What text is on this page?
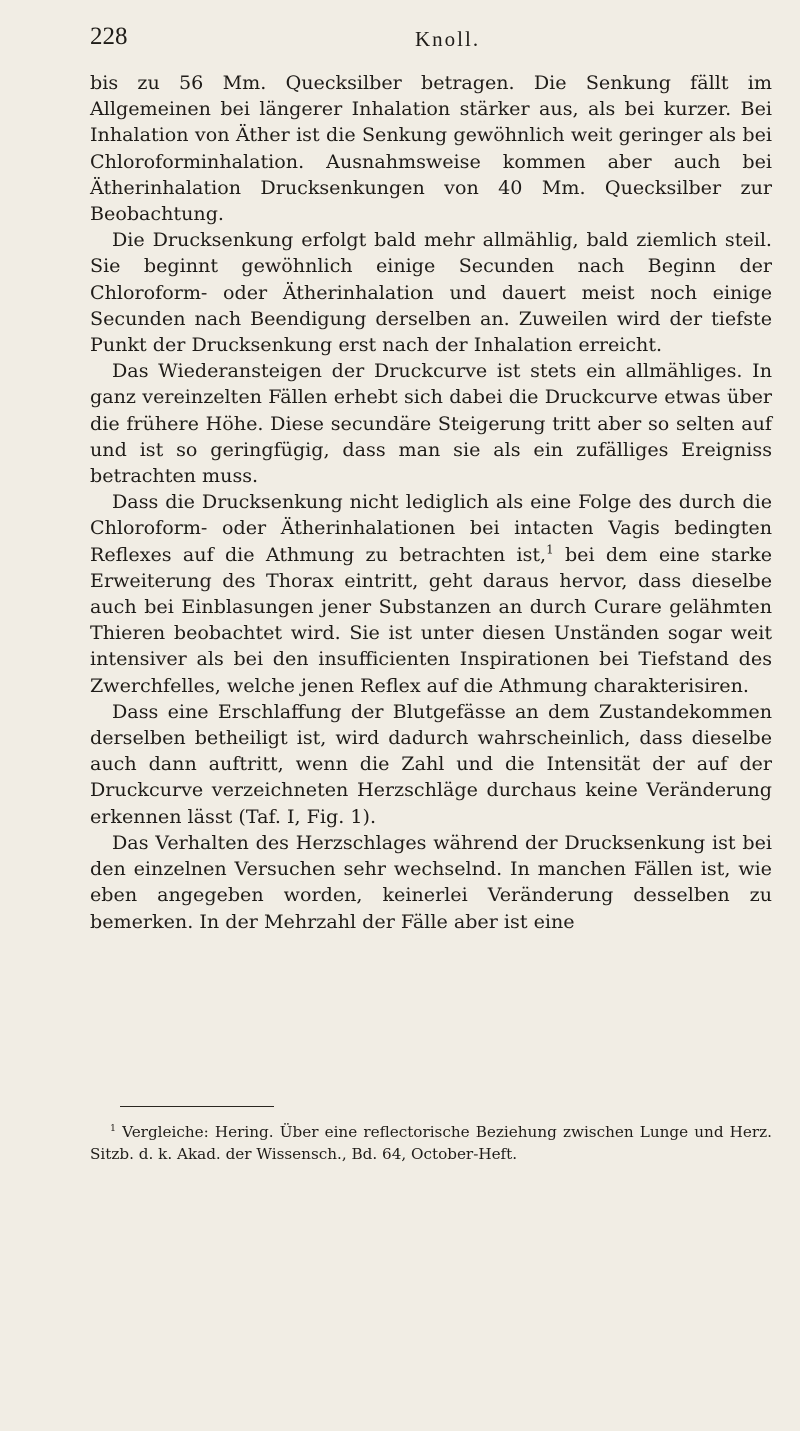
228	Knoll.

bis zu 56 Mm. Quecksilber betragen. Die Senkung fällt im Allgemeinen bei längerer Inhalation stärker aus, als bei kurzer. Bei Inhalation von Äther ist die Senkung gewöhnlich weit geringer als bei Chloroforminhalation. Ausnahmsweise kommen aber auch bei Ätherinhalation Drucksenkungen von 40 Mm. Quecksilber zur Beobachtung.

Die Drucksenkung erfolgt bald mehr allmählig, bald ziemlich steil. Sie beginnt gewöhnlich einige Secunden nach Beginn der Chloroform- oder Ätherinhalation und dauert meist noch einige Secunden nach Beendigung derselben an. Zuweilen wird der tiefste Punkt der Drucksenkung erst nach der Inhalation erreicht.

Das Wiederansteigen der Druckcurve ist stets ein allmähliges. In ganz vereinzelten Fällen erhebt sich dabei die Druckcurve etwas über die frühere Höhe. Diese secundäre Steigerung tritt aber so selten auf und ist so geringfügig, dass man sie als ein zufälliges Ereigniss betrachten muss.

Dass die Drucksenkung nicht lediglich als eine Folge des durch die Chloroform- oder Ätherinhalationen bei intacten Vagis bedingten Reflexes auf die Athmung zu betrachten ist,$^1$ bei dem eine starke Erweiterung des Thorax eintritt, geht daraus hervor, dass dieselbe auch bei Einblasungen jener Substanzen an durch Curare gelähmten Thieren beobachtet wird. Sie ist unter diesen Unständen sogar weit intensiver als bei den insufficienten Inspirationen bei Tiefstand des Zwerchfelles, welche jenen Reflex auf die Athmung charakterisiren.

Dass eine Erschlaffung der Blutgefässe an dem Zustandekommen derselben betheiligt ist, wird dadurch wahrscheinlich, dass dieselbe auch dann auftritt, wenn die Zahl und die Intensität der auf der Druckcurve verzeichneten Herzschläge durchaus keine Veränderung erkennen lässt (Taf. I, Fig. 1).

Das Verhalten des Herzschlages während der Drucksenkung ist bei den einzelnen Versuchen sehr wechselnd. In manchen Fällen ist, wie eben angegeben worden, keinerlei Veränderung desselben zu bemerken. In der Mehrzahl der Fälle aber ist eine

$^1$ Vergleiche: Hering. Über eine reflectorische Beziehung zwischen Lunge und Herz. Sitzb. d. k. Akad. der Wissensch., Bd. 64, October-Heft.
